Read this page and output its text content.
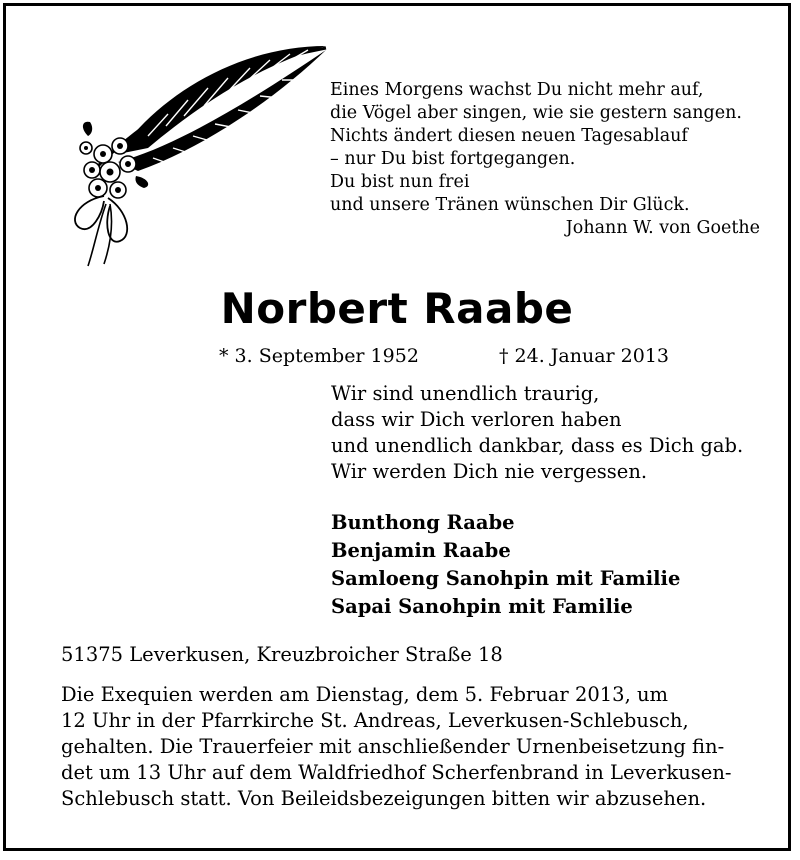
Eines Morgens wachst Du nicht mehr auf,
die Vögel aber singen, wie sie gestern sangen.
Nichts ändert diesen neuen Tagesablauf
– nur Du bist fortgegangen.
Du bist nun frei
und unsere Tränen wünschen Dir Glück.
Johann W. von Goethe
Norbert Raabe
* 3. September 1952	† 24. Januar 2013
Wir sind unendlich traurig,
dass wir Dich verloren haben
und unendlich dankbar, dass es Dich gab.
Wir werden Dich nie vergessen.
Bunthong Raabe
Benjamin Raabe
Samloeng Sanohpin mit Familie
Sapai Sanohpin mit Familie
51375 Leverkusen, Kreuzbroicher Straße 18
Die Exequien werden am Dienstag, dem 5. Februar 2013, um
12 Uhr in der Pfarrkirche St. Andreas, Leverkusen-Schlebusch,
gehalten. Die Trauerfeier mit anschließender Urnenbeisetzung fin-
det um 13 Uhr auf dem Waldfriedhof Scherfenbrand in Leverkusen-
Schlebusch statt. Von Beileidsbezeigungen bitten wir abzusehen.
